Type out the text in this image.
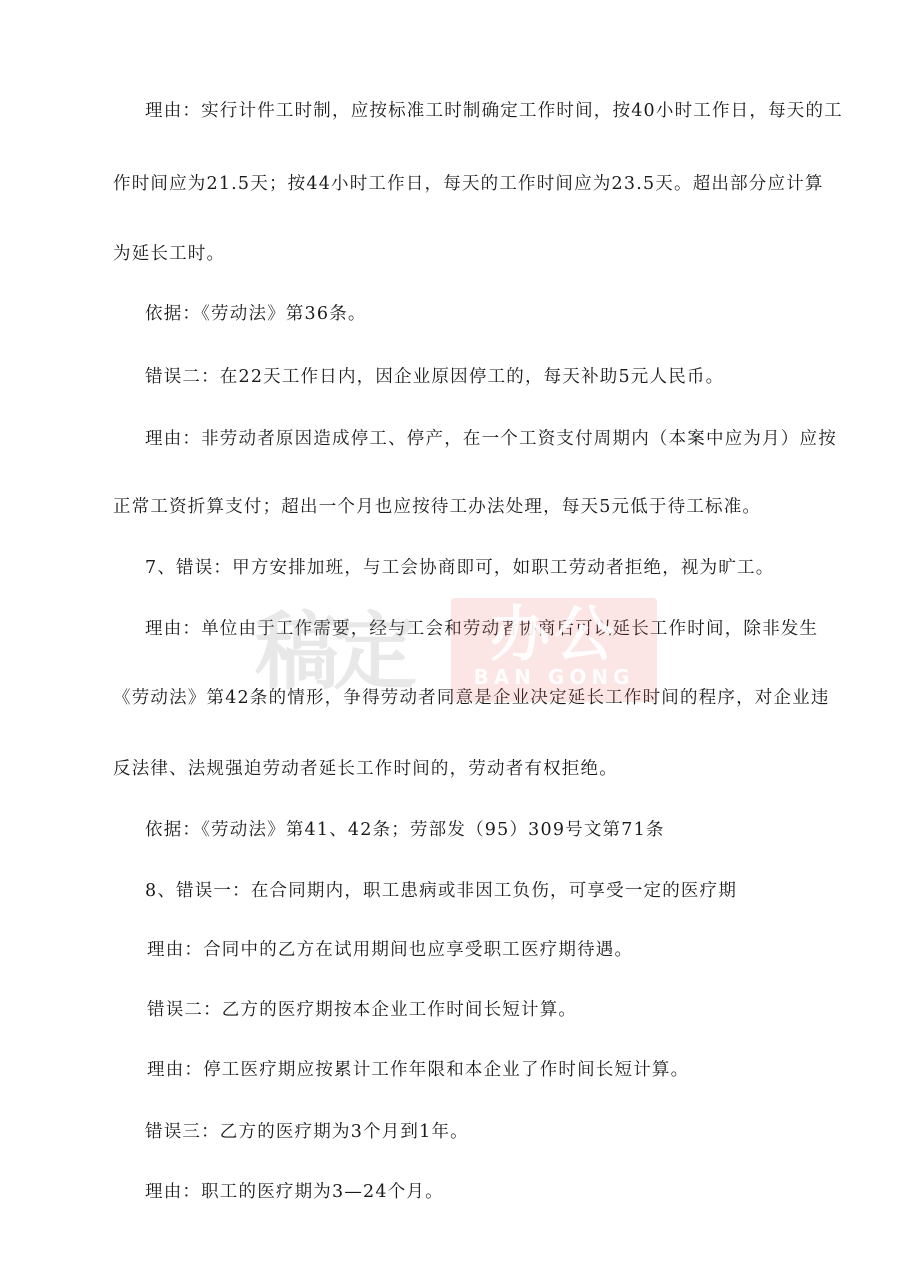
理由：实行计件工时制，应按标准工时制确定工作时间，按40小时工作日，每天的工
作时间应为21.5天；按44小时工作日，每天的工作时间应为23.5天。超出部分应计算
为延长工时。
依据：《劳动法》第36条。
错误二：在22天工作日内，因企业原因停工的，每天补助5元人民币。
理由：非劳动者原因造成停工、停产，在一个工资支付周期内（本案中应为月）应按
正常工资折算支付；超出一个月也应按待工办法处理，每天5元低于待工标准。
7、错误：甲方安排加班，与工会协商即可，如职工劳动者拒绝，视为旷工。
理由：单位由于工作需要，经与工会和劳动者协商后可以延长工作时间，除非发生
《劳动法》第42条的情形，争得劳动者同意是企业决定延长工作时间的程序，对企业违
反法律、法规强迫劳动者延长工作时间的，劳动者有权拒绝。
依据：《劳动法》第41、42条；劳部发（95）309号文第71条
8、错误一：在合同期内，职工患病或非因工负伤，可享受一定的医疗期
理由：合同中的乙方在试用期间也应享受职工医疗期待遇。
错误二：乙方的医疗期按本企业工作时间长短计算。
理由：停工医疗期应按累计工作年限和本企业了作时间长短计算。
错误三：乙方的医疗期为3个月到1年。
理由：职工的医疗期为3—24个月。
稿定	办公
BAN GONG
